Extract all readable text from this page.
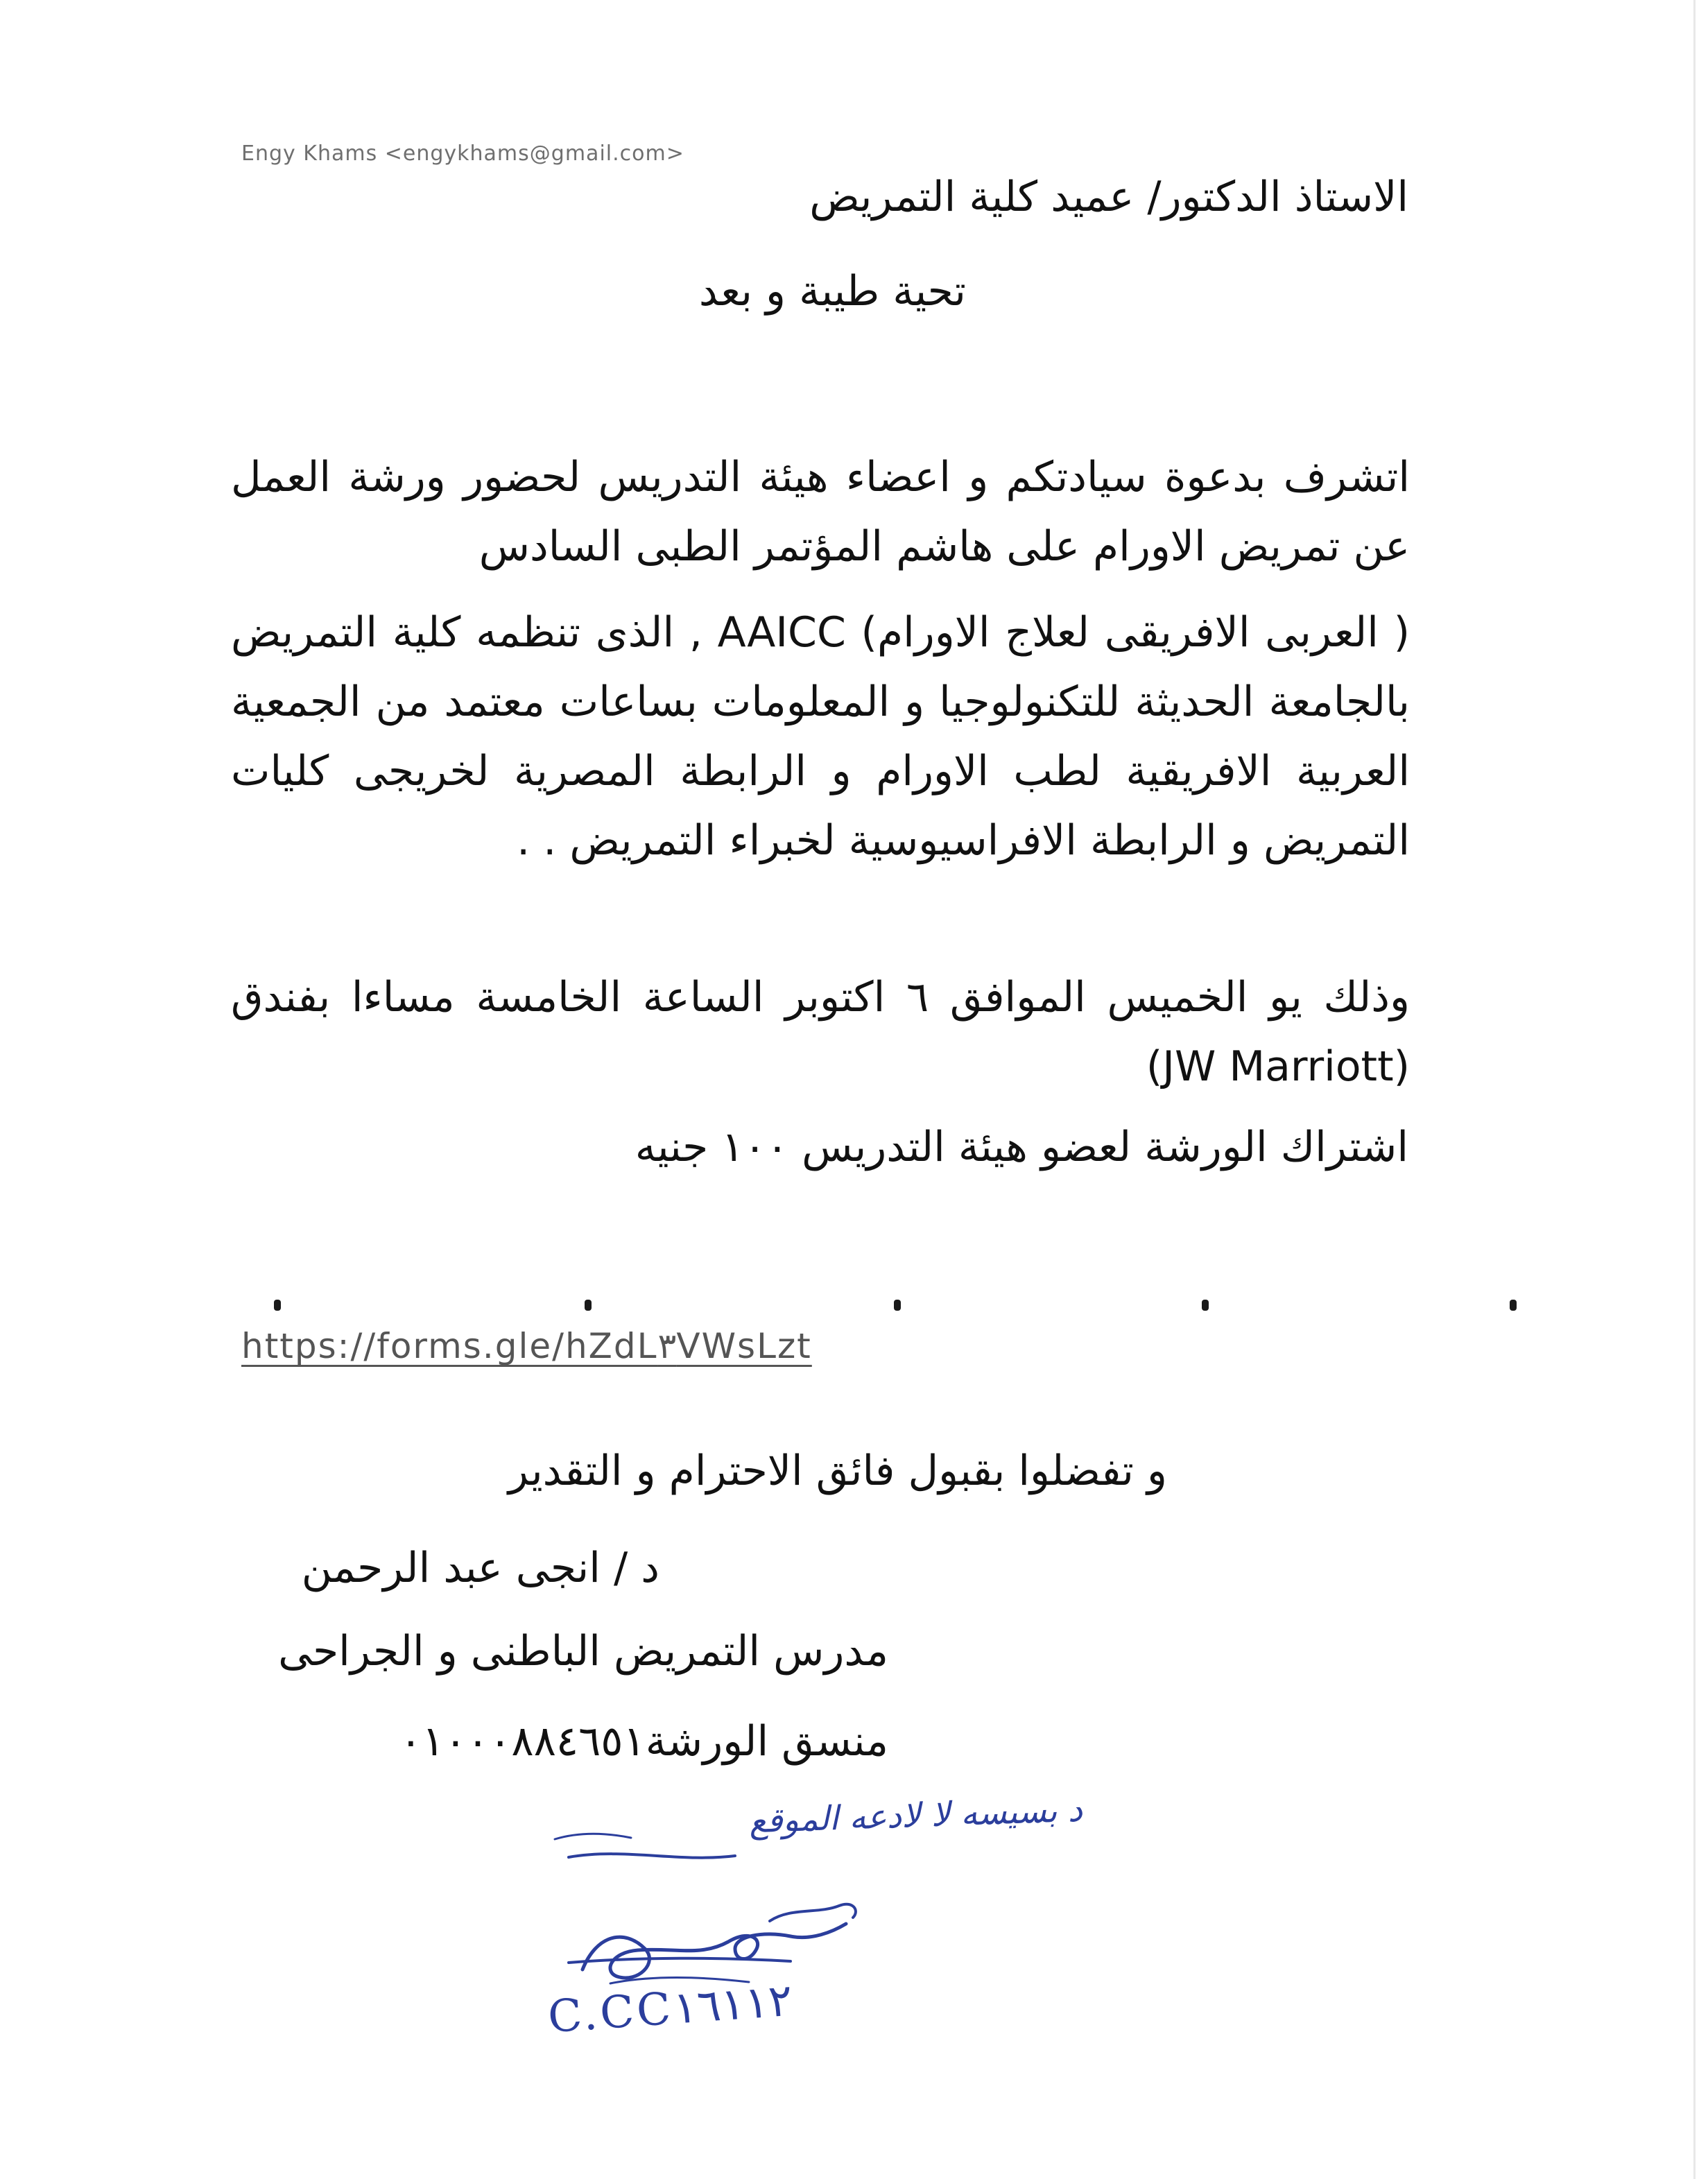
Engy Khams <engykhams@gmail.com>
الاستاذ الدكتور/ عميد كلية التمريض
تحية طيبة و بعد
اتشرف بدعوة سيادتكم و اعضاء هيئة التدريس لحضور ورشة العمل عن تمريض الاورام على هاشم المؤتمر الطبى السادس
( العربى الافريقى لعلاج الاورام) AAICC , الذى تنظمه كلية التمريض بالجامعة الحديثة للتكنولوجيا و المعلومات بساعات معتمد من الجمعية العربية الافريقية لطب الاورام و الرابطة المصرية لخريجى كليات التمريض و الرابطة الافراسيوسية لخبراء التمريض . .
وذلك يو الخميس الموافق ٦ اكتوبر الساعة الخامسة مساءا بفندق (JW Marriott)
اشتراك الورشة لعضو هيئة التدريس ١٠٠ جنيه
https://forms.gle/hZdL٣VWsLzt
و تفضلوا بقبول فائق الاحترام و التقدير
د / انجى عبد الرحمن
مدرس التمريض الباطنى و الجراحى
منسق الورشة٠١٠٠٠٨٨٤٦٥١
د بسيسه لا لادعه الموقع
C.CC١٦١١٢
